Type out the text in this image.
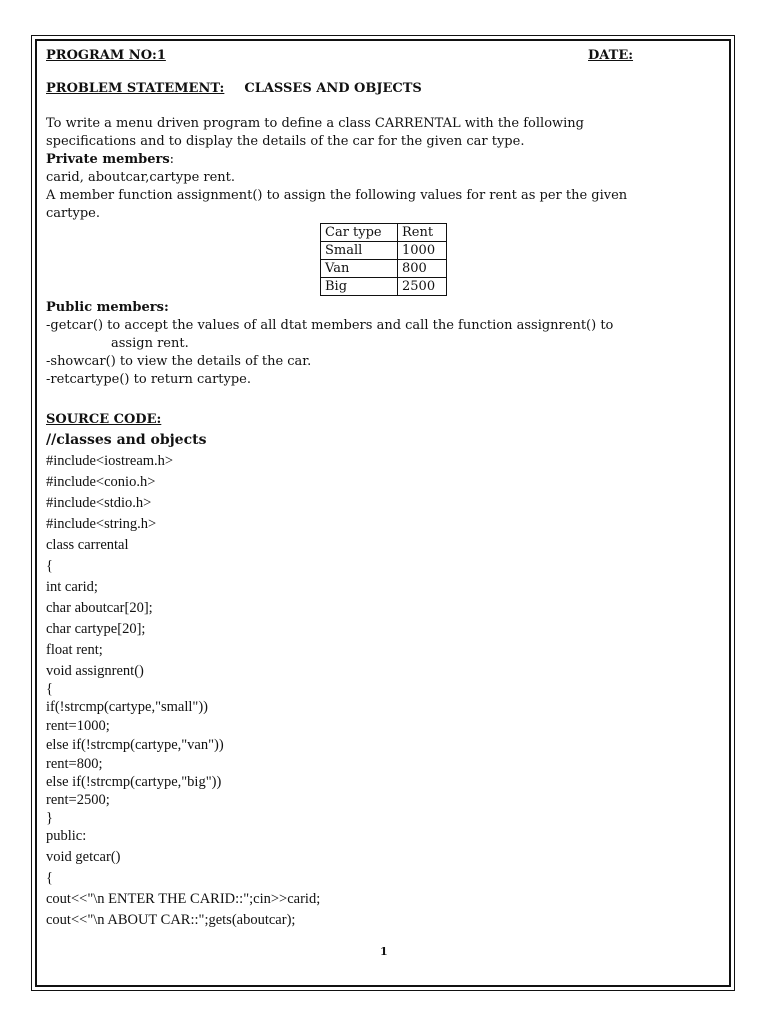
PROGRAM NO:1	DATE:
PROBLEM STATEMENT: CLASSES AND OBJECTS
To write a menu driven program to define a class CARRENTAL with the following
specifications and to display the details of the car for the given car type.
Private members:
carid, aboutcar,cartype rent.
A member function assignment() to assign the following values for rent as per the given
cartype.
Car type	Rent
Small	1000
Van	800
Big	2500
Public members:
-getcar() to accept the values of all dtat members and call the function assignrent() to
assign rent.
-showcar() to view the details of the car.
-retcartype() to return cartype.
SOURCE CODE:
//classes and objects
#include<iostream.h>
#include<conio.h>
#include<stdio.h>
#include<string.h>
class carrental
{
int carid;
char aboutcar[20];
char cartype[20];
float rent;
void assignrent()
{
if(!strcmp(cartype,"small"))
rent=1000;
else if(!strcmp(cartype,"van"))
rent=800;
else if(!strcmp(cartype,"big"))
rent=2500;
}
public:
void getcar()
{
cout<<"\n ENTER THE CARID::";cin>>carid;
cout<<"\n ABOUT CAR::";gets(aboutcar);
1
